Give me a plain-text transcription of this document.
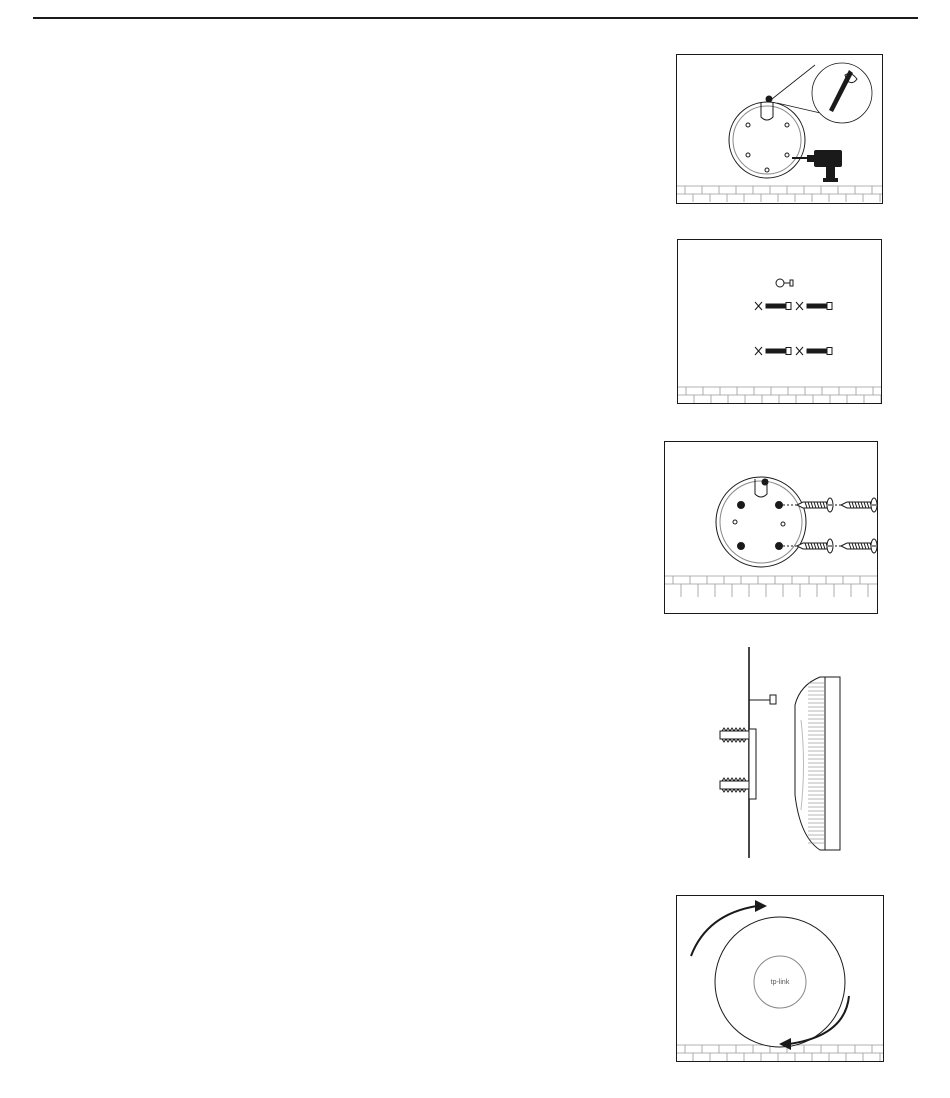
tp-link
